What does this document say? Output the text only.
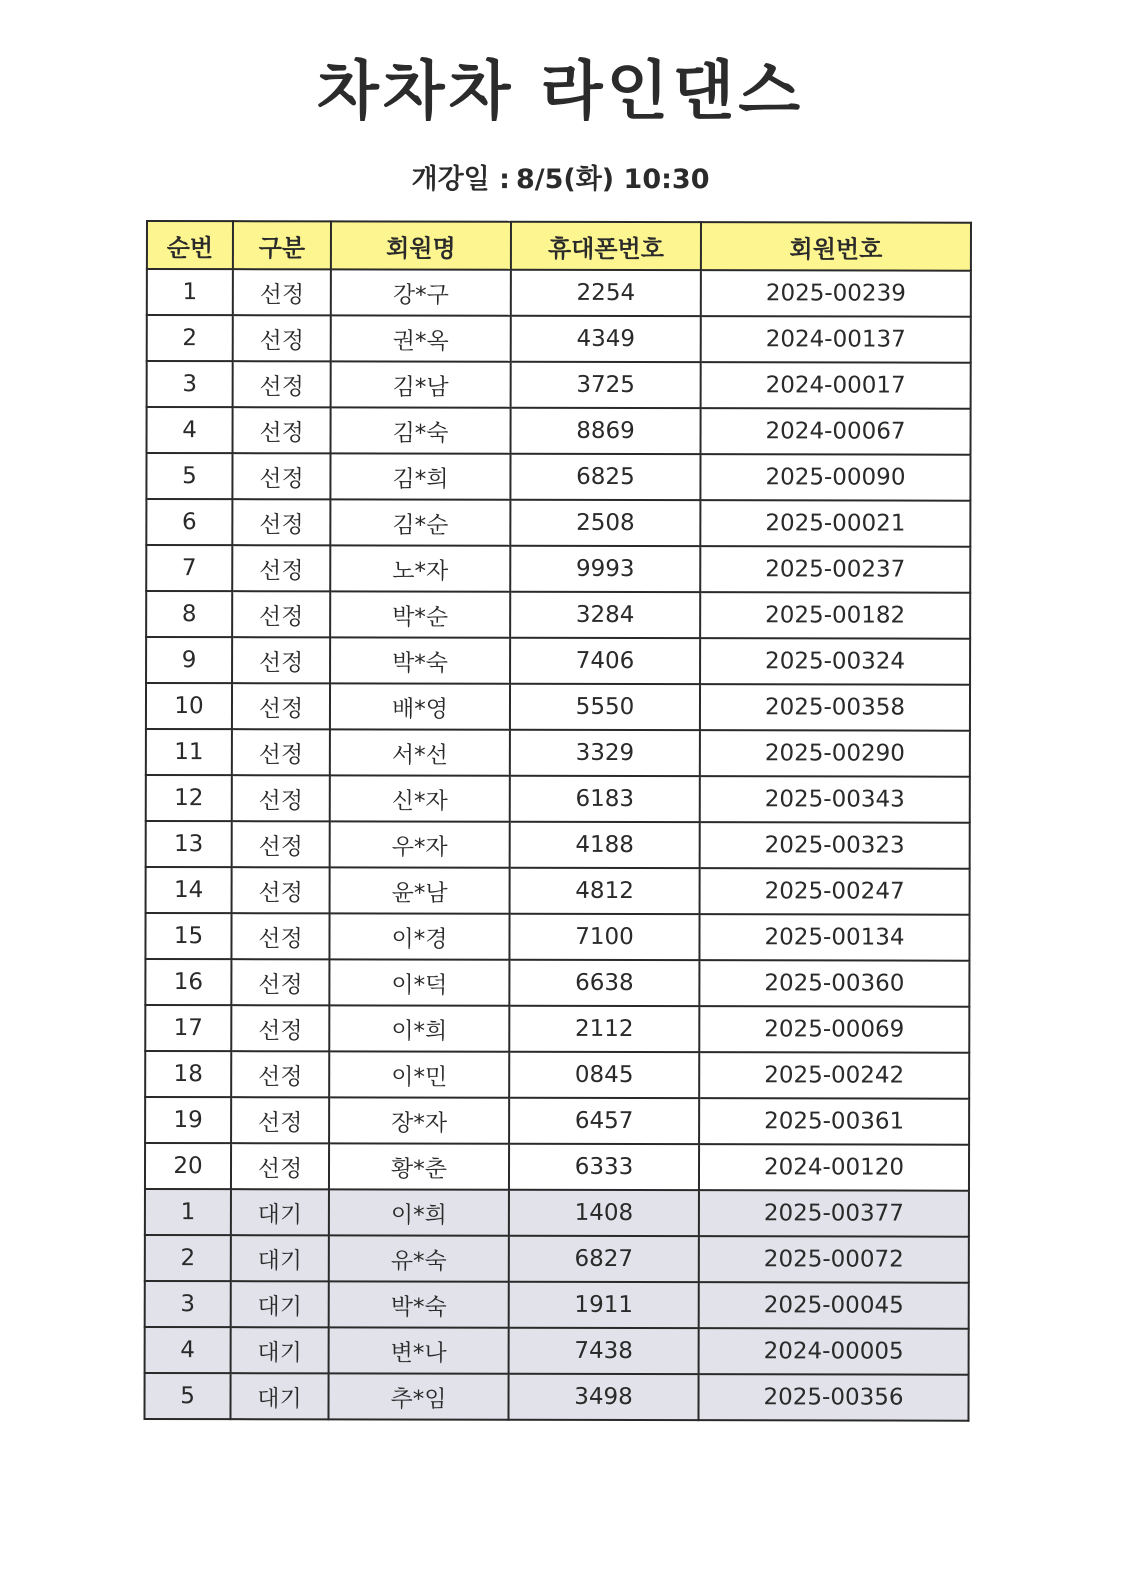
차차차 라인댄스
개강일 : 8/5(화) 10:30
순번	구분	회원명	휴대폰번호	회원번호
1	선정	강*구	2254	2025-00239
2	선정	권*옥	4349	2024-00137
3	선정	김*남	3725	2024-00017
4	선정	김*숙	8869	2024-00067
5	선정	김*희	6825	2025-00090
6	선정	김*순	2508	2025-00021
7	선정	노*자	9993	2025-00237
8	선정	박*순	3284	2025-00182
9	선정	박*숙	7406	2025-00324
10	선정	배*영	5550	2025-00358
11	선정	서*선	3329	2025-00290
12	선정	신*자	6183	2025-00343
13	선정	우*자	4188	2025-00323
14	선정	윤*남	4812	2025-00247
15	선정	이*경	7100	2025-00134
16	선정	이*덕	6638	2025-00360
17	선정	이*희	2112	2025-00069
18	선정	이*민	0845	2025-00242
19	선정	장*자	6457	2025-00361
20	선정	황*춘	6333	2024-00120
1	대기	이*희	1408	2025-00377
2	대기	유*숙	6827	2025-00072
3	대기	박*숙	1911	2025-00045
4	대기	변*나	7438	2024-00005
5	대기	추*임	3498	2025-00356
